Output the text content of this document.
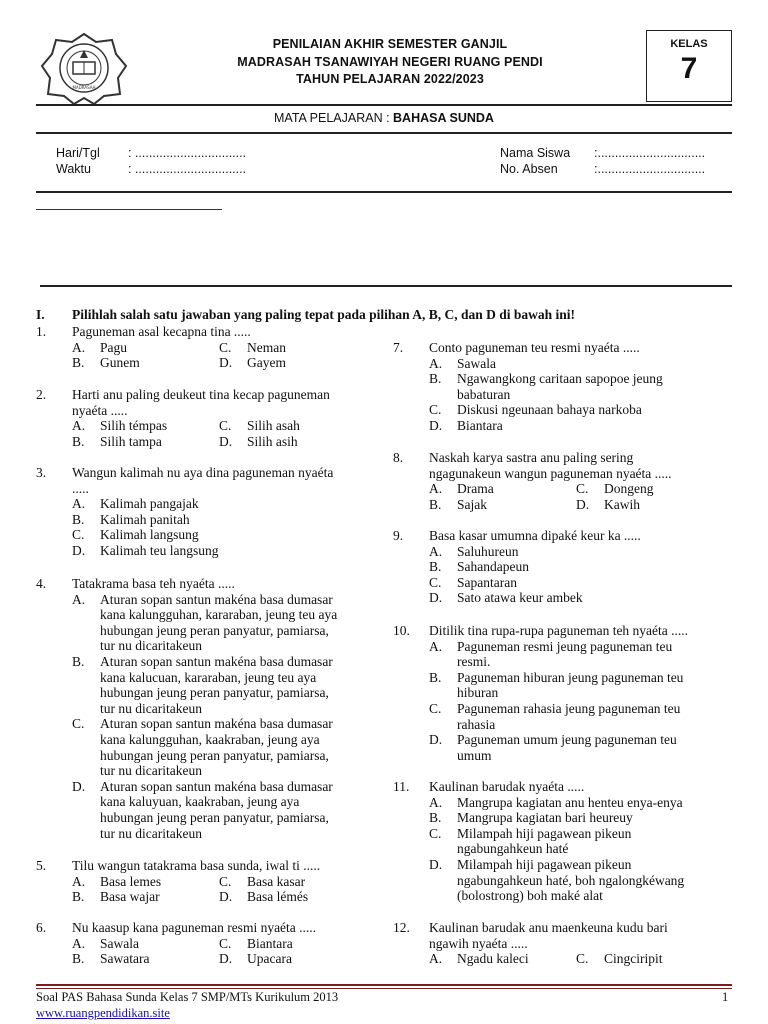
MADRASAH
PENILAIAN AKHIR SEMESTER GANJIL
MADRASAH TSANAWIYAH NEGERI RUANG PENDI
TAHUN PELAJARAN 2022/2023
KELAS
7
MATA PELAJARAN : BAHASA SUNDA
Hari/Tgl : ................................
Waktu	: ................................
Nama Siswa :...............................
No. Absen	:...............................
I. Pilihlah salah satu jawaban yang paling tepat pada pilihan A, B, C, dan D di bawah ini!
1. Paguneman asal kecapna tina .....
A.	Pagu	C.	Neman
B.	Gunem	D.	Gayem
2. Harti anu paling deukeut tina kecap paguneman
nyaéta .....
A.	Silih témpas	C.	Silih asah
B.	Silih tampa	D.	Silih asih
3. Wangun kalimah nu aya dina paguneman nyaéta
.....
A.	Kalimah pangajak
B.	Kalimah panitah
C.	Kalimah langsung
D.	Kalimah teu langsung
4. Tatakrama basa teh nyaéta .....
A.	Aturan sopan santun makéna basa dumasar
kana kalungguhan, kararaban, jeung teu aya
hubungan jeung peran panyatur, pamiarsa,
tur nu dicaritakeun
B.	Aturan sopan santun makéna basa dumasar
kana kalucuan, kararaban, jeung teu aya
hubungan jeung peran panyatur, pamiarsa,
tur nu dicaritakeun
C.	Aturan sopan santun makéna basa dumasar
kana kalungguhan, kaakraban, jeung aya
hubungan jeung peran panyatur, pamiarsa,
tur nu dicaritakeun
D.	Aturan sopan santun makéna basa dumasar
kana kaluyuan, kaakraban, jeung aya
hubungan jeung peran panyatur, pamiarsa,
tur nu dicaritakeun
5. Tilu wangun tatakrama basa sunda, iwal ti .....
A.	Basa lemes	C.	Basa kasar
B.	Basa wajar	D.	Basa lémés
6. Nu kaasup kana paguneman resmi nyaéta .....
A.	Sawala	C.	Biantara
B.	Sawatara	D.	Upacara
7. Conto paguneman teu resmi nyaéta .....
A.	Sawala
B.	Ngawangkong caritaan sapopoe jeung
babaturan
C.	Diskusi ngeunaan bahaya narkoba
D.	Biantara
8. Naskah karya sastra anu paling sering
ngagunakeun wangun paguneman nyaéta .....
A.	Drama	C.	Dongeng
B.	Sajak	D.	Kawih
9. Basa kasar umumna dipaké keur ka .....
A.	Saluhureun
B.	Sahandapeun
C.	Sapantaran
D.	Sato atawa keur ambek
10. Ditilik tina rupa-rupa paguneman teh nyaéta .....
A.	Paguneman resmi jeung paguneman teu
resmi.
B.	Paguneman hiburan jeung paguneman teu
hiburan
C.	Paguneman rahasia jeung paguneman teu
rahasia
D.	Paguneman umum jeung paguneman teu
umum
11. Kaulinan barudak nyaéta .....
A.	Mangrupa kagiatan anu henteu enya-enya
B.	Mangrupa kagiatan bari heureuy
C.	Milampah hiji pagawean pikeun
ngabungahkeun haté
D.	Milampah hiji pagawean pikeun
ngabungahkeun haté, boh ngalongkéwang
(bolostrong) boh maké alat
12. Kaulinan barudak anu maenkeuna kudu bari
ngawih nyaéta .....
A.	Ngadu kaleci	C.	Cingciripit
Soal PAS Bahasa Sunda Kelas 7 SMP/MTs Kurikulum 2013	1
www.ruangpendidikan.site
